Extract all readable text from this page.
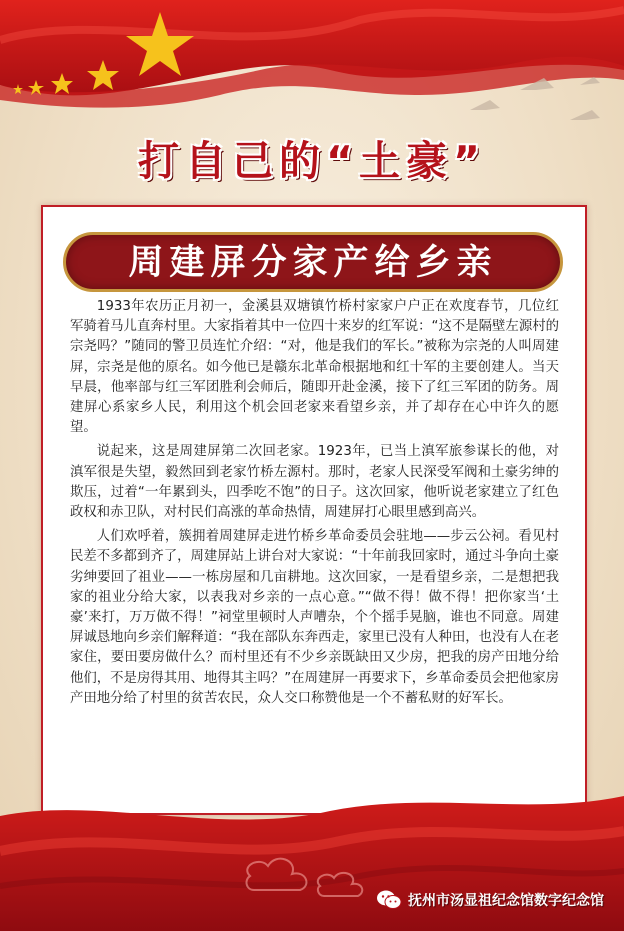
打自己的“土豪”
周建屏分家产给乡亲

1933年农历正月初一，金溪县双塘镇竹桥村家家户户正在欢度春节，几位红军骑着马儿直奔村里。大家指着其中一位四十来岁的红军说：“这不是隔壁左源村的宗尧吗？”随同的警卫员连忙介绍：“对，他是我们的军长。”被称为宗尧的人叫周建屏，宗尧是他的原名。如今他已是赣东北革命根据地和红十军的主要创建人。当天早晨，他率部与红三军团胜利会师后，随即开赴金溪，接下了红三军团的防务。周建屏心系家乡人民，利用这个机会回老家来看望乡亲，并了却存在心中许久的愿望。

说起来，这是周建屏第二次回老家。1923年，已当上滇军旅参谋长的他，对滇军很是失望，毅然回到老家竹桥左源村。那时，老家人民深受军阀和土豪劣绅的欺压，过着“一年累到头，四季吃不饱”的日子。这次回家，他听说老家建立了红色政权和赤卫队，对村民们高涨的革命热情，周建屏打心眼里感到高兴。

人们欢呼着，簇拥着周建屏走进竹桥乡革命委员会驻地——步云公祠。看见村民差不多都到齐了，周建屏站上讲台对大家说：“十年前我回家时，通过斗争向土豪劣绅要回了祖业——一栋房屋和几亩耕地。这次回家，一是看望乡亲，二是想把我家的祖业分给大家，以表我对乡亲的一点心意。”“做不得！做不得！把你家当‘土豪’来打，万万做不得！”祠堂里顿时人声嘈杂，个个摇手晃脑，谁也不同意。周建屏诚恳地向乡亲们解释道：“我在部队东奔西走，家里已没有人种田，也没有人在老家住，要田要房做什么？而村里还有不少乡亲既缺田又少房，把我的房产田地分给他们，不是房得其用、地得其主吗？”在周建屏一再要求下，乡革命委员会把他家房产田地分给了村里的贫苦农民，众人交口称赞他是一个不蓄私财的好军长。

抚州市汤显祖纪念馆数字纪念馆
